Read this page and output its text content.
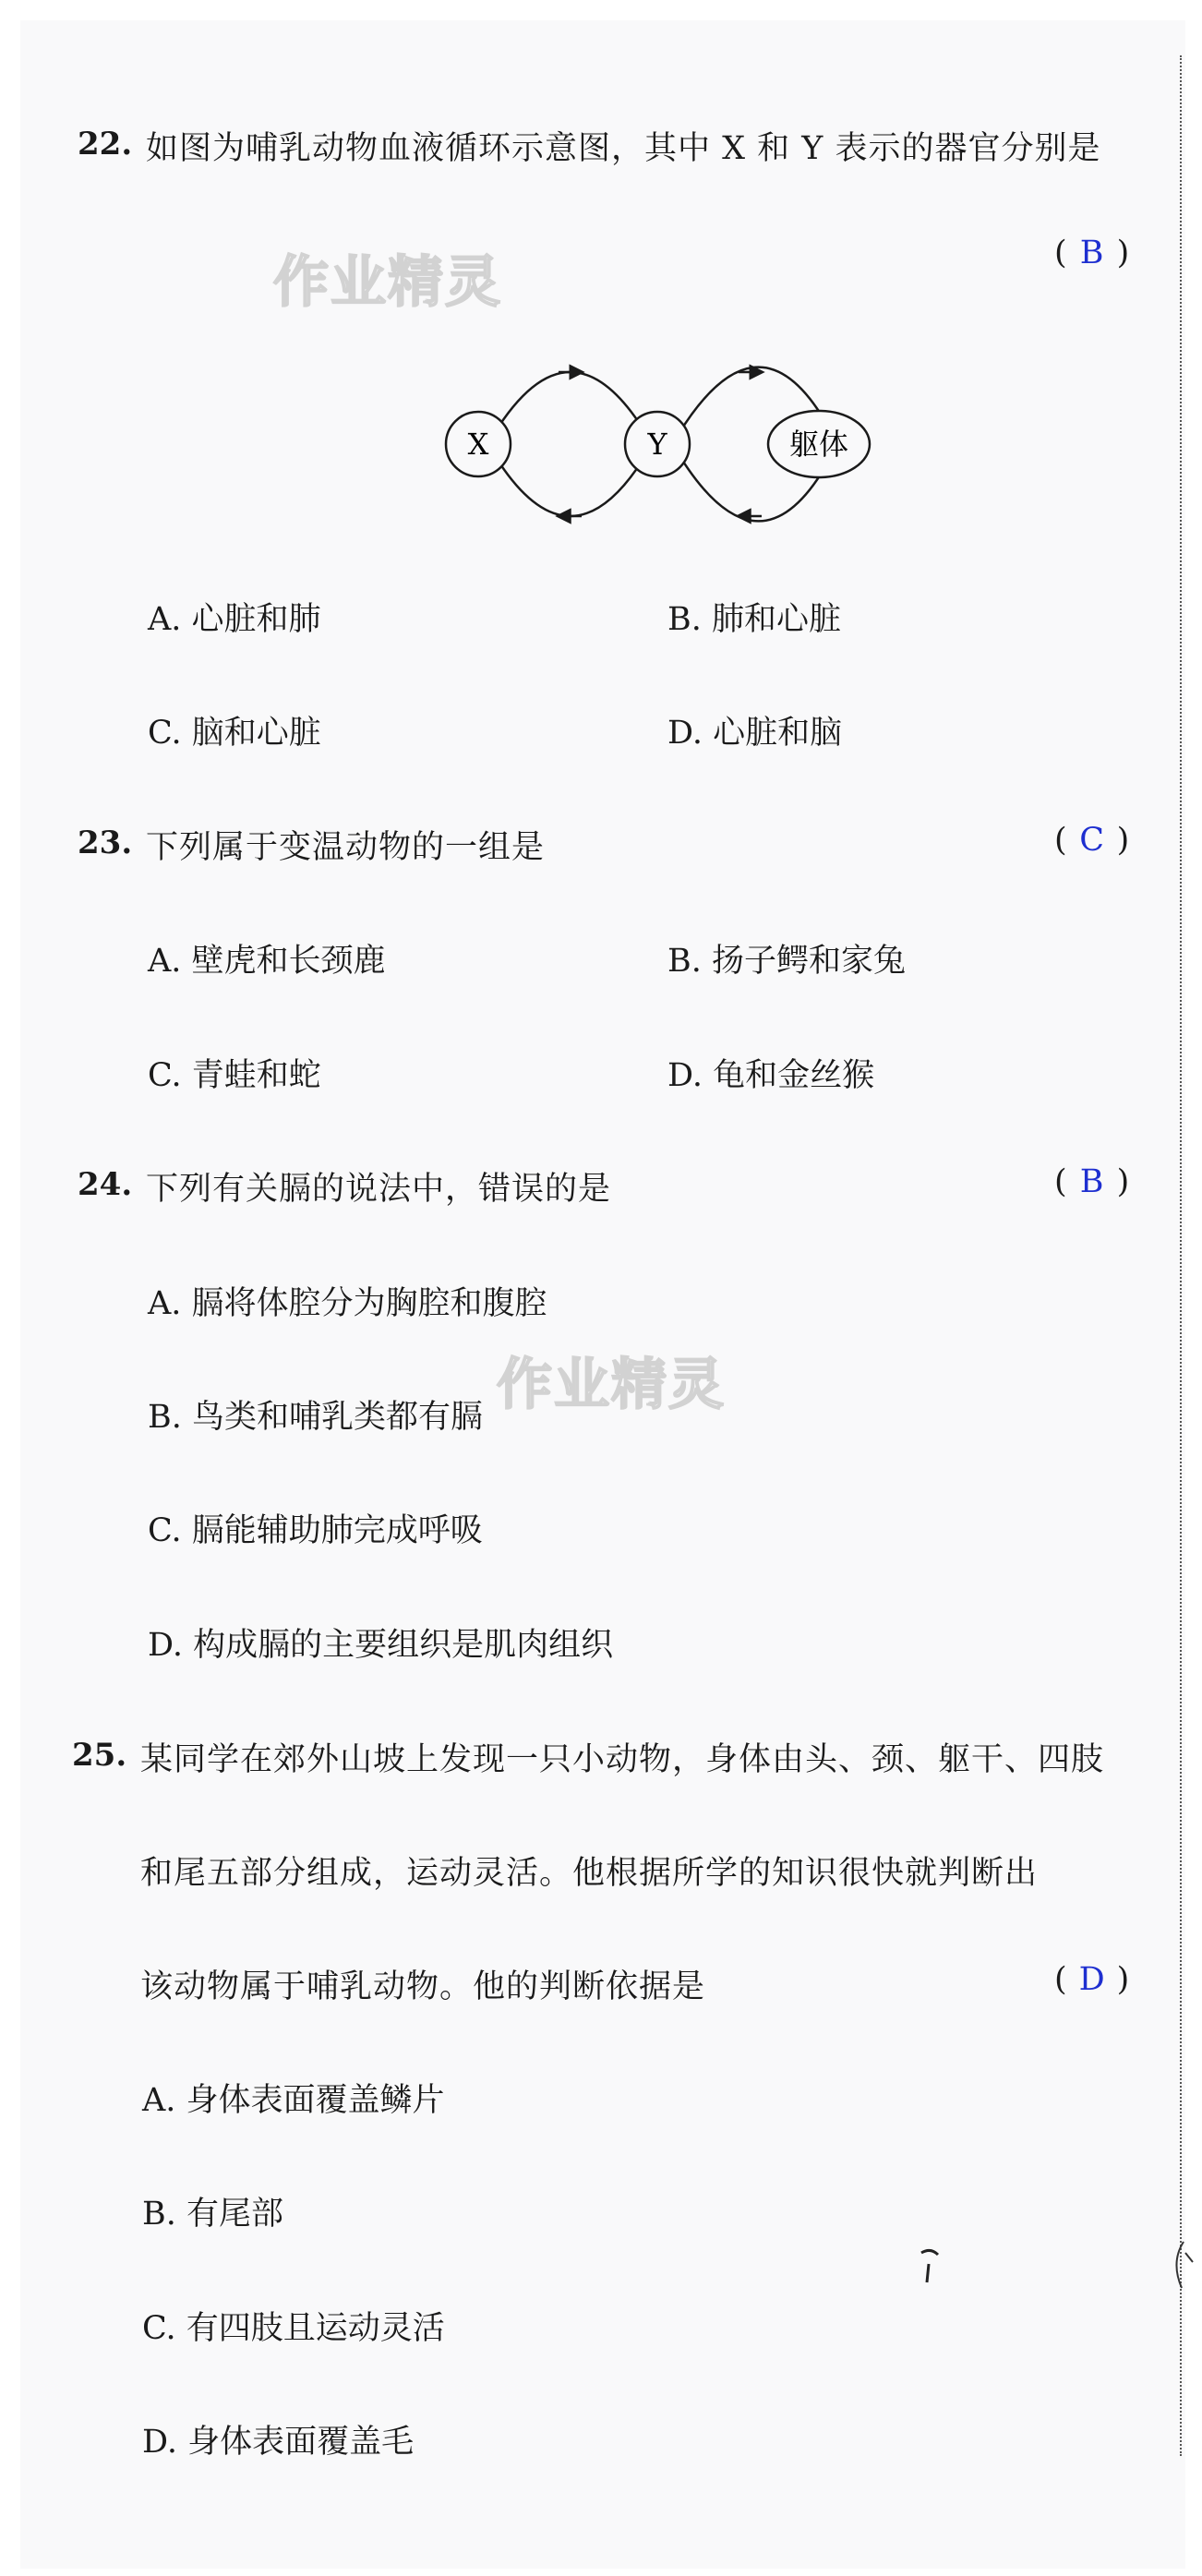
作业精灵
作业精灵
22. 如图为哺乳动物血液循环示意图，其中 X 和 Y 表示的器官分别是
( B )
X	Y	躯体
A. 心脏和肺	B. 肺和心脏
C. 脑和心脏	D. 心脏和脑
23. 下列属于变温动物的一组是	( C )
A. 壁虎和长颈鹿	B. 扬子鳄和家兔
C. 青蛙和蛇	D. 龟和金丝猴
24. 下列有关膈的说法中，错误的是	( B )
A. 膈将体腔分为胸腔和腹腔
B. 鸟类和哺乳类都有膈
C. 膈能辅助肺完成呼吸
D. 构成膈的主要组织是肌肉组织
25. 某同学在郊外山坡上发现一只小动物，身体由头、颈、躯干、四肢
和尾五部分组成，运动灵活。他根据所学的知识很快就判断出
该动物属于哺乳动物。他的判断依据是	( D )
A. 身体表面覆盖鳞片
B. 有尾部
C. 有四肢且运动灵活
D. 身体表面覆盖毛
